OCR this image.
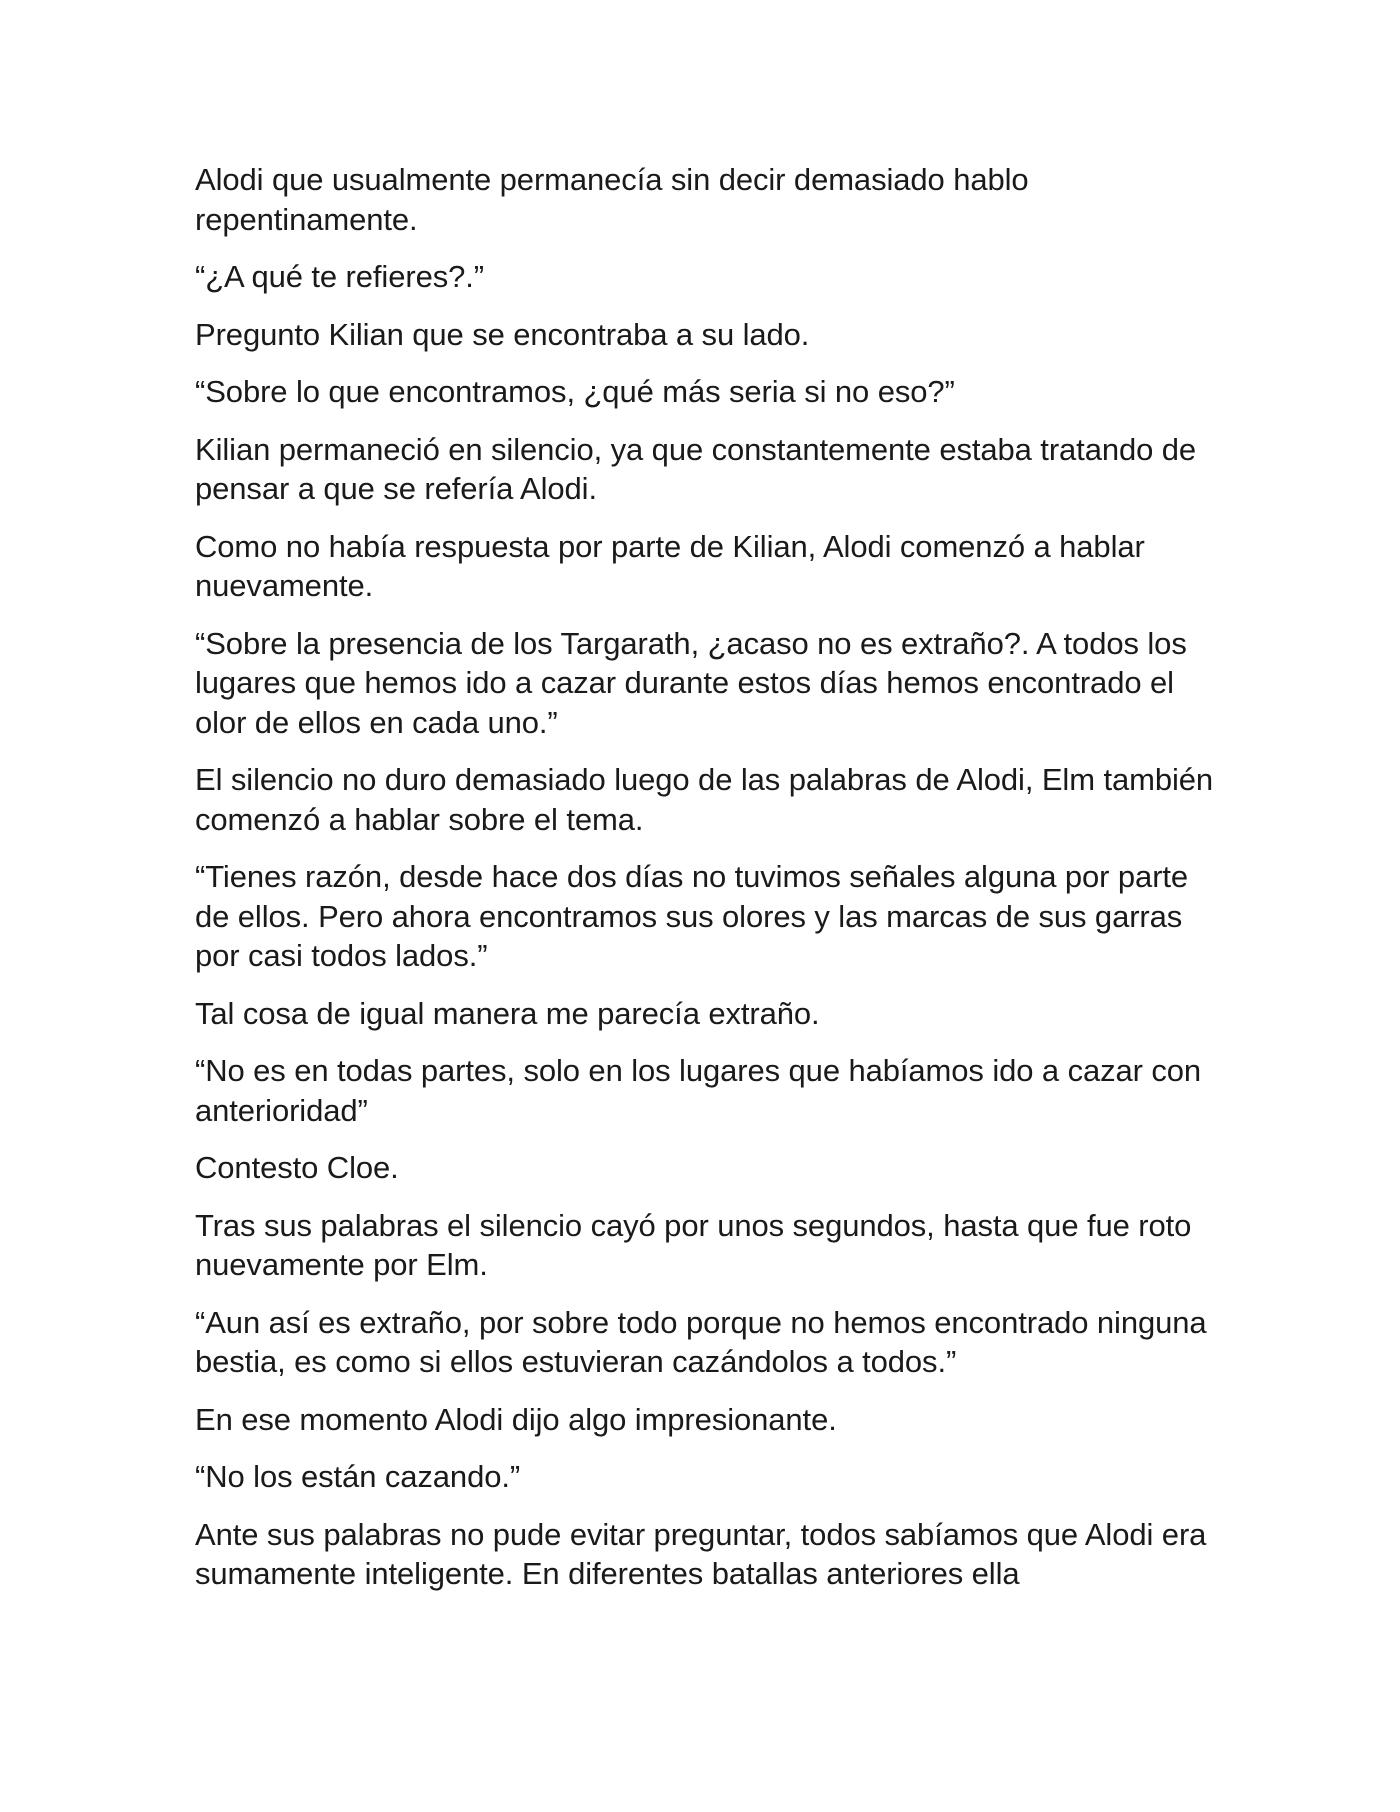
Alodi que usualmente permanecía sin decir demasiado hablo repentinamente.

“¿A qué te refieres?.”

Pregunto Kilian que se encontraba a su lado.

“Sobre lo que encontramos, ¿qué más seria si no eso?”

Kilian permaneció en silencio, ya que constantemente estaba tratando de pensar a que se refería Alodi.

Como no había respuesta por parte de Kilian, Alodi comenzó a hablar nuevamente.

“Sobre la presencia de los Targarath, ¿acaso no es extraño?. A todos los lugares que hemos ido a cazar durante estos días hemos encontrado el olor de ellos en cada uno.”

El silencio no duro demasiado luego de las palabras de Alodi, Elm también comenzó a hablar sobre el tema.

“Tienes razón, desde hace dos días no tuvimos señales alguna por parte de ellos. Pero ahora encontramos sus olores y las marcas de sus garras por casi todos lados.”

Tal cosa de igual manera me parecía extraño.

“No es en todas partes, solo en los lugares que habíamos ido a cazar con anterioridad”

Contesto Cloe.

Tras sus palabras el silencio cayó por unos segundos, hasta que fue roto nuevamente por Elm.

“Aun así es extraño, por sobre todo porque no hemos encontrado ninguna bestia, es como si ellos estuvieran cazándolos a todos.”

En ese momento Alodi dijo algo impresionante.

“No los están cazando.”

Ante sus palabras no pude evitar preguntar, todos sabíamos que Alodi era sumamente inteligente. En diferentes batallas anteriores ella
